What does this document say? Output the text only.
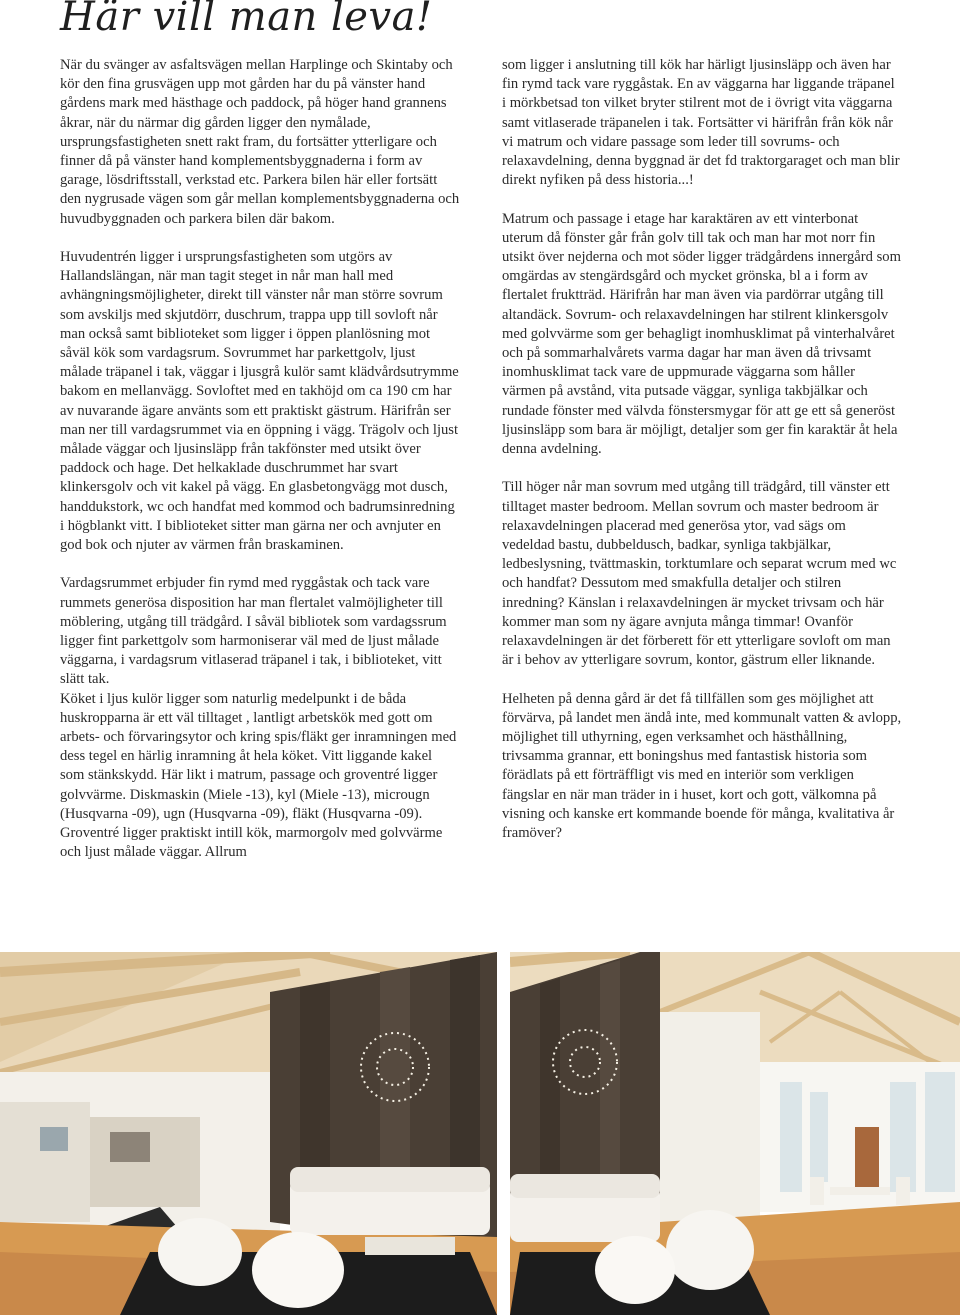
Här vill man leva!

När du svänger av asfaltsvägen mellan Harplinge och Skintaby och kör den fina grusvägen upp mot gården har du på vänster hand gårdens mark med hästhage och paddock, på höger hand grannens åkrar, när du närmar dig gården ligger den nymålade, ursprungsfastigheten snett rakt fram, du fortsätter ytterligare och finner då på vänster hand komplementsbyggnaderna i form av garage, lösdriftsstall, verkstad etc. Parkera bilen här eller fortsätt den nygrusade vägen som går mellan komplementsbyggnaderna och huvudbyggnaden och parkera bilen där bakom.

Huvudentrén ligger i ursprungsfastigheten som utgörs av Hallandslängan, när man tagit steget in når man hall med avhängningsmöjligheter, direkt till vänster når man större sovrum som avskiljs med skjutdörr, duschrum, trappa upp till sovloft når man också samt biblioteket som ligger i öppen planlösning mot såväl kök som vardagsrum. Sovrummet har parkettgolv, ljust målade träpanel i tak, väggar i ljusgrå kulör samt klädvårdsutrymme bakom en mellanvägg. Sovloftet med en takhöjd om ca 190 cm har av nuvarande ägare använts som ett praktiskt gästrum. Härifrån ser man ner till vardagsrummet via en öppning i vägg. Trägolv och ljust målade väggar och ljusinsläpp från takfönster med utsikt över paddock och hage. Det helkaklade duschrummet har svart klinkersgolv och vit kakel på vägg. En glasbetongvägg mot dusch, handdukstork, wc och handfat med kommod och badrumsinredning i högblankt vitt. I biblioteket sitter man gärna ner och avnjuter en god bok och njuter av värmen från braskaminen.

Vardagsrummet erbjuder fin rymd med ryggåstak och tack vare rummets generösa disposition har man flertalet valmöjligheter till möblering, utgång till trädgård. I såväl bibliotek som vardagssrum ligger fint parkettgolv som harmoniserar väl med de ljust målade väggarna, i vardagsrum vitlaserad träpanel i tak, i biblioteket, vitt slätt tak.

Köket i ljus kulör ligger som naturlig medelpunkt i de båda huskropparna är ett väl tilltaget , lantligt arbetskök med gott om arbets- och förvaringsytor och kring spis/fläkt ger inramningen med dess tegel en härlig inramning åt hela köket. Vitt liggande kakel som stänkskydd. Här likt i matrum, passage och groventré ligger golvvärme. Diskmaskin (Miele -13), kyl (Miele -13), microugn (Husqvarna -09), ugn (Husqvarna -09), fläkt (Husqvarna -09). Groventré ligger praktiskt intill kök, marmorgolv med golvvärme och ljust målade väggar. Allrum

som ligger i anslutning till kök har härligt ljusinsläpp och även har fin rymd tack vare ryggåstak. En av väggarna har liggande träpanel i mörkbetsad ton vilket bryter stilrent mot de i övrigt vita väggarna samt vitlaserade träpanelen i tak. Fortsätter vi härifrån från kök når vi matrum och vidare passage som leder till sovrums- och relaxavdelning, denna byggnad är det fd traktorgaraget och man blir direkt nyfiken på dess historia...!

Matrum och passage i etage har karaktären av ett vinterbonat uterum då fönster går från golv till tak och man har mot norr fin utsikt över nejderna och mot söder ligger trädgårdens innergård som omgärdas av stengärdsgård och mycket grönska, bl a i form av flertalet fruktträd. Härifrån har man även via pardörrar utgång till altandäck. Sovrum- och relaxavdelningen har stilrent klinkersgolv med golvvärme som ger behagligt inomhusklimat på vinterhalvåret och på sommarhalvårets varma dagar har man även då trivsamt inomhusklimat tack vare de uppmurade väggarna som håller värmen på avstånd, vita putsade väggar, synliga takbjälkar och rundade fönster med välvda fönstersmygar för att ge ett så generöst ljusinsläpp som bara är möjligt, detaljer som ger fin karaktär åt hela denna avdelning.

Till höger når man sovrum med utgång till trädgård, till vänster ett tilltaget master bedroom. Mellan sovrum och master bedroom är relaxavdelningen placerad med generösa ytor, vad sägs om vedeldad bastu, dubbeldusch, badkar, synliga takbjälkar, ledbeslysning, tvättmaskin, torktumlare och separat wcrum med wc och handfat? Dessutom med smakfulla detaljer och stilren inredning? Känslan i relaxavdelningen är mycket trivsam och här kommer man som ny ägare avnjuta många timmar! Ovanför relaxavdelningen är det förberett för ett ytterligare sovloft om man är i behov av ytterligare sovrum, kontor, gästrum eller liknande.

Helheten på denna gård är det få tillfällen som ges möjlighet att förvärva, på landet men ändå inte, med kommunalt vatten & avlopp, möjlighet till uthyrning, egen verksamhet och hästhållning, trivsamma grannar, ett boningshus med fantastisk historia som förädlats på ett förträffligt vis med en interiör som verkligen fängslar en när man träder in i huset, kort och gott, välkomna på visning och kanske ert kommande boende för många, kvalitativa år framöver?
